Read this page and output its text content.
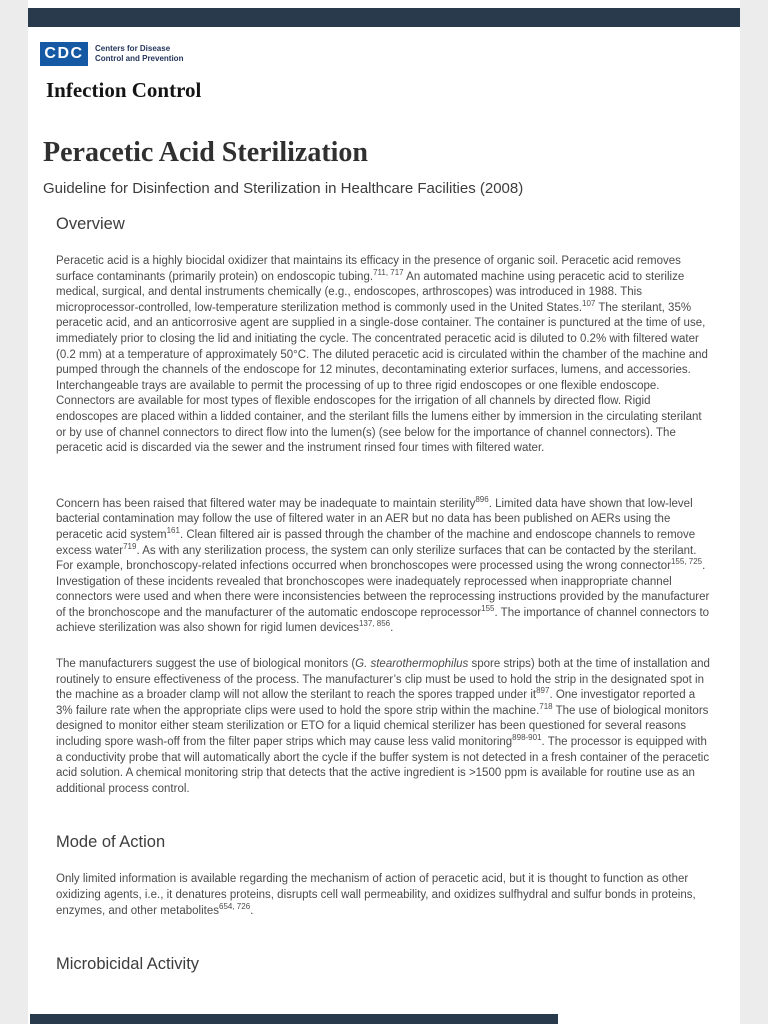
CDC	Centers for Disease
Control and Prevention
Infection Control
Peracetic Acid Sterilization
Guideline for Disinfection and Sterilization in Healthcare Facilities (2008)
Overview

Peracetic acid is a highly biocidal oxidizer that maintains its efficacy in the presence of organic soil. Peracetic acid removes surface contaminants (primarily protein) on endoscopic tubing.$^{711, 717}$ An automated machine using peracetic acid to sterilize medical, surgical, and dental instruments chemically (e.g., endoscopes, arthroscopes) was introduced in 1988. This microprocessor-controlled, low-temperature sterilization method is commonly used in the United States.$^{107}$ The sterilant, 35% peracetic acid, and an anticorrosive agent are supplied in a single-dose container. The container is punctured at the time of use, immediately prior to closing the lid and initiating the cycle. The concentrated peracetic acid is diluted to 0.2% with filtered water (0.2 mm) at a temperature of approximately 50°C. The diluted peracetic acid is circulated within the chamber of the machine and pumped through the channels of the endoscope for 12 minutes, decontaminating exterior surfaces, lumens, and accessories. Interchangeable trays are available to permit the processing of up to three rigid endoscopes or one flexible endoscope. Connectors are available for most types of flexible endoscopes for the irrigation of all channels by directed flow. Rigid endoscopes are placed within a lidded container, and the sterilant fills the lumens either by immersion in the circulating sterilant or by use of channel connectors to direct flow into the lumen(s) (see below for the importance of channel connectors). The peracetic acid is discarded via the sewer and the instrument rinsed four times with filtered water.

Concern has been raised that filtered water may be inadequate to maintain sterility$^{896}$. Limited data have shown that low-level bacterial contamination may follow the use of filtered water in an AER but no data has been published on AERs using the peracetic acid system$^{161}$. Clean filtered air is passed through the chamber of the machine and endoscope channels to remove excess water$^{719}$. As with any sterilization process, the system can only sterilize surfaces that can be contacted by the sterilant. For example, bronchoscopy-related infections occurred when bronchoscopes were processed using the wrong connector$^{155, 725}$. Investigation of these incidents revealed that bronchoscopes were inadequately reprocessed when inappropriate channel connectors were used and when there were inconsistencies between the reprocessing instructions provided by the manufacturer of the bronchoscope and the manufacturer of the automatic endoscope reprocessor$^{155}$. The importance of channel connectors to achieve sterilization was also shown for rigid lumen devices$^{137, 856}$.

The manufacturers suggest the use of biological monitors (G. stearothermophilus spore strips) both at the time of installation and routinely to ensure effectiveness of the process. The manufacturer’s clip must be used to hold the strip in the designated spot in the machine as a broader clamp will not allow the sterilant to reach the spores trapped under $it^{897}$. One investigator reported a 3% failure rate when the appropriate clips were used to hold the spore strip within the machine.$^{718}$ The use of biological monitors designed to monitor either steam sterilization or ETO for a liquid chemical sterilizer has been questioned for several reasons including spore wash-off from the filter paper strips which may cause less valid monitoring$^{898-901}$. The processor is equipped with a conductivity probe that will automatically abort the cycle if the buffer system is not detected in a fresh container of the peracetic acid solution. A chemical monitoring strip that detects that the active ingredient is >1500 ppm is available for routine use as an additional process control.

Mode of Action

Only limited information is available regarding the mechanism of action of peracetic acid, but it is thought to function as other oxidizing agents, i.e., it denatures proteins, disrupts cell wall permeability, and oxidizes sulfhydral and sulfur bonds in proteins, enzymes, and other metabolites$^{654, 726}$.

Microbicidal Activity
